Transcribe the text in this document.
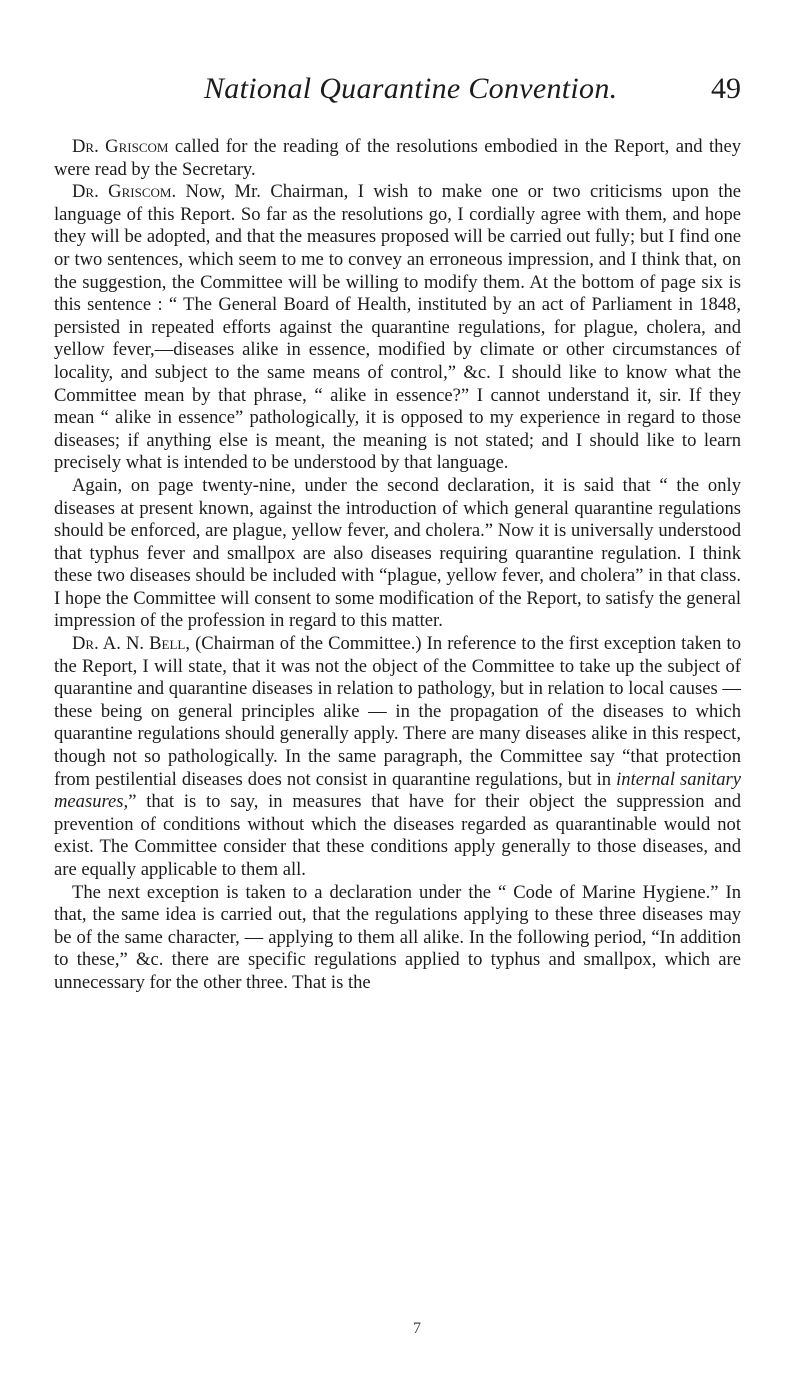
National Quarantine Convention.	49

Dr. Griscom called for the reading of the resolutions embodied in the Report, and they were read by the Secretary.

Dr. Griscom. Now, Mr. Chairman, I wish to make one or two criticisms upon the language of this Report. So far as the resolutions go, I cordially agree with them, and hope they will be adopted, and that the measures proposed will be carried out fully; but I find one or two sentences, which seem to me to convey an erroneous impression, and I think that, on the suggestion, the Committee will be willing to modify them. At the bottom of page six is this sentence : “ The General Board of Health, instituted by an act of Parliament in 1848, persisted in repeated efforts against the quarantine regulations, for plague, cholera, and yellow fever,—diseases alike in essence, modified by climate or other circumstances of locality, and subject to the same means of control,” &c. I should like to know what the Committee mean by that phrase, “ alike in essence?” I cannot understand it, sir. If they mean “ alike in essence” pathologically, it is opposed to my experience in regard to those diseases; if anything else is meant, the meaning is not stated; and I should like to learn precisely what is intended to be understood by that language.

Again, on page twenty-nine, under the second declaration, it is said that “ the only diseases at present known, against the introduction of which general quarantine regulations should be enforced, are plague, yellow fever, and cholera.” Now it is universally understood that typhus fever and smallpox are also diseases requiring quarantine regulation. I think these two diseases should be included with “plague, yellow fever, and cholera” in that class. I hope the Committee will consent to some modification of the Report, to satisfy the general impression of the profession in regard to this matter.

Dr. A. N. Bell, (Chairman of the Committee.) In reference to the first exception taken to the Report, I will state, that it was not the object of the Committee to take up the subject of quarantine and quarantine diseases in relation to pathology, but in relation to local causes — these being on general principles alike — in the propagation of the diseases to which quarantine regulations should generally apply. There are many diseases alike in this respect, though not so pathologically. In the same paragraph, the Committee say “that protection from pestilential diseases does not consist in quarantine regulations, but in internal sanitary measures,” that is to say, in measures that have for their object the suppression and prevention of conditions without which the diseases regarded as quarantinable would not exist. The Committee consider that these conditions apply generally to those diseases, and are equally applicable to them all.

The next exception is taken to a declaration under the “ Code of Marine Hygiene.” In that, the same idea is carried out, that the regulations applying to these three diseases may be of the same character, — applying to them all alike. In the following period, “In addition to these,” &c. there are specific regulations applied to typhus and smallpox, which are unnecessary for the other three. That is the

7
